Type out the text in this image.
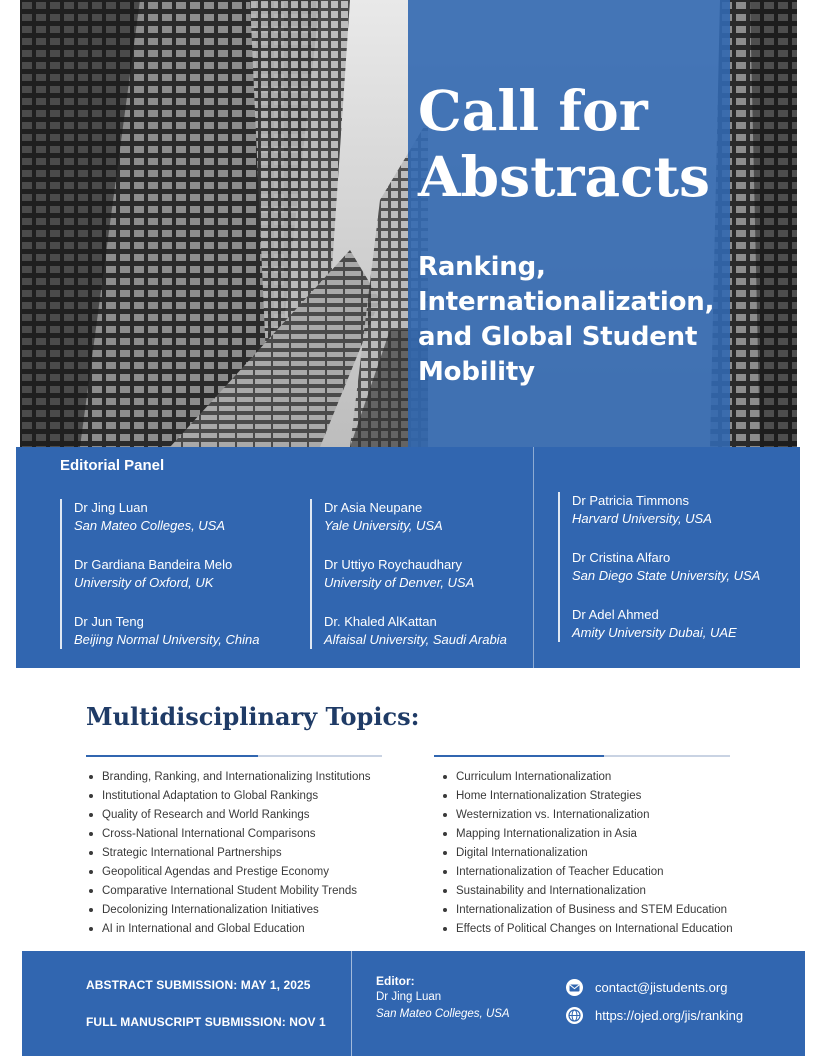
Call for Abstracts
Ranking, Internationalization, and Global Student Mobility
Editorial Panel
Dr Jing Luan
San Mateo Colleges, USA
Dr Gardiana Bandeira Melo
University of Oxford, UK
Dr Jun Teng
Beijing Normal University, China
Dr Asia Neupane
Yale University, USA
Dr Uttiyo Roychaudhary
University of Denver, USA
Dr. Khaled AlKattan
Alfaisal University, Saudi Arabia
Dr Patricia Timmons
Harvard University, USA
Dr Cristina Alfaro
San Diego State University, USA
Dr Adel Ahmed
Amity University Dubai, UAE
Multidisciplinary Topics:
Branding, Ranking, and Internationalizing Institutions
Institutional Adaptation to Global Rankings
Quality of Research and World Rankings
Cross-National International Comparisons
Strategic International Partnerships
Geopolitical Agendas and Prestige Economy
Comparative International Student Mobility Trends
Decolonizing Internationalization Initiatives
AI in International and Global Education
Curriculum Internationalization
Home Internationalization Strategies
Westernization vs. Internationalization
Mapping Internationalization in Asia
Digital Internationalization
Internationalization of Teacher Education
Sustainability and Internationalization
Internationalization of Business and STEM Education
Effects of Political Changes on International Education
ABSTRACT SUBMISSION: MAY 1, 2025
FULL MANUSCRIPT SUBMISSION: NOV 1
Editor:
Dr Jing Luan
San Mateo Colleges, USA
contact@jistudents.org
https://ojed.org/jis/ranking
